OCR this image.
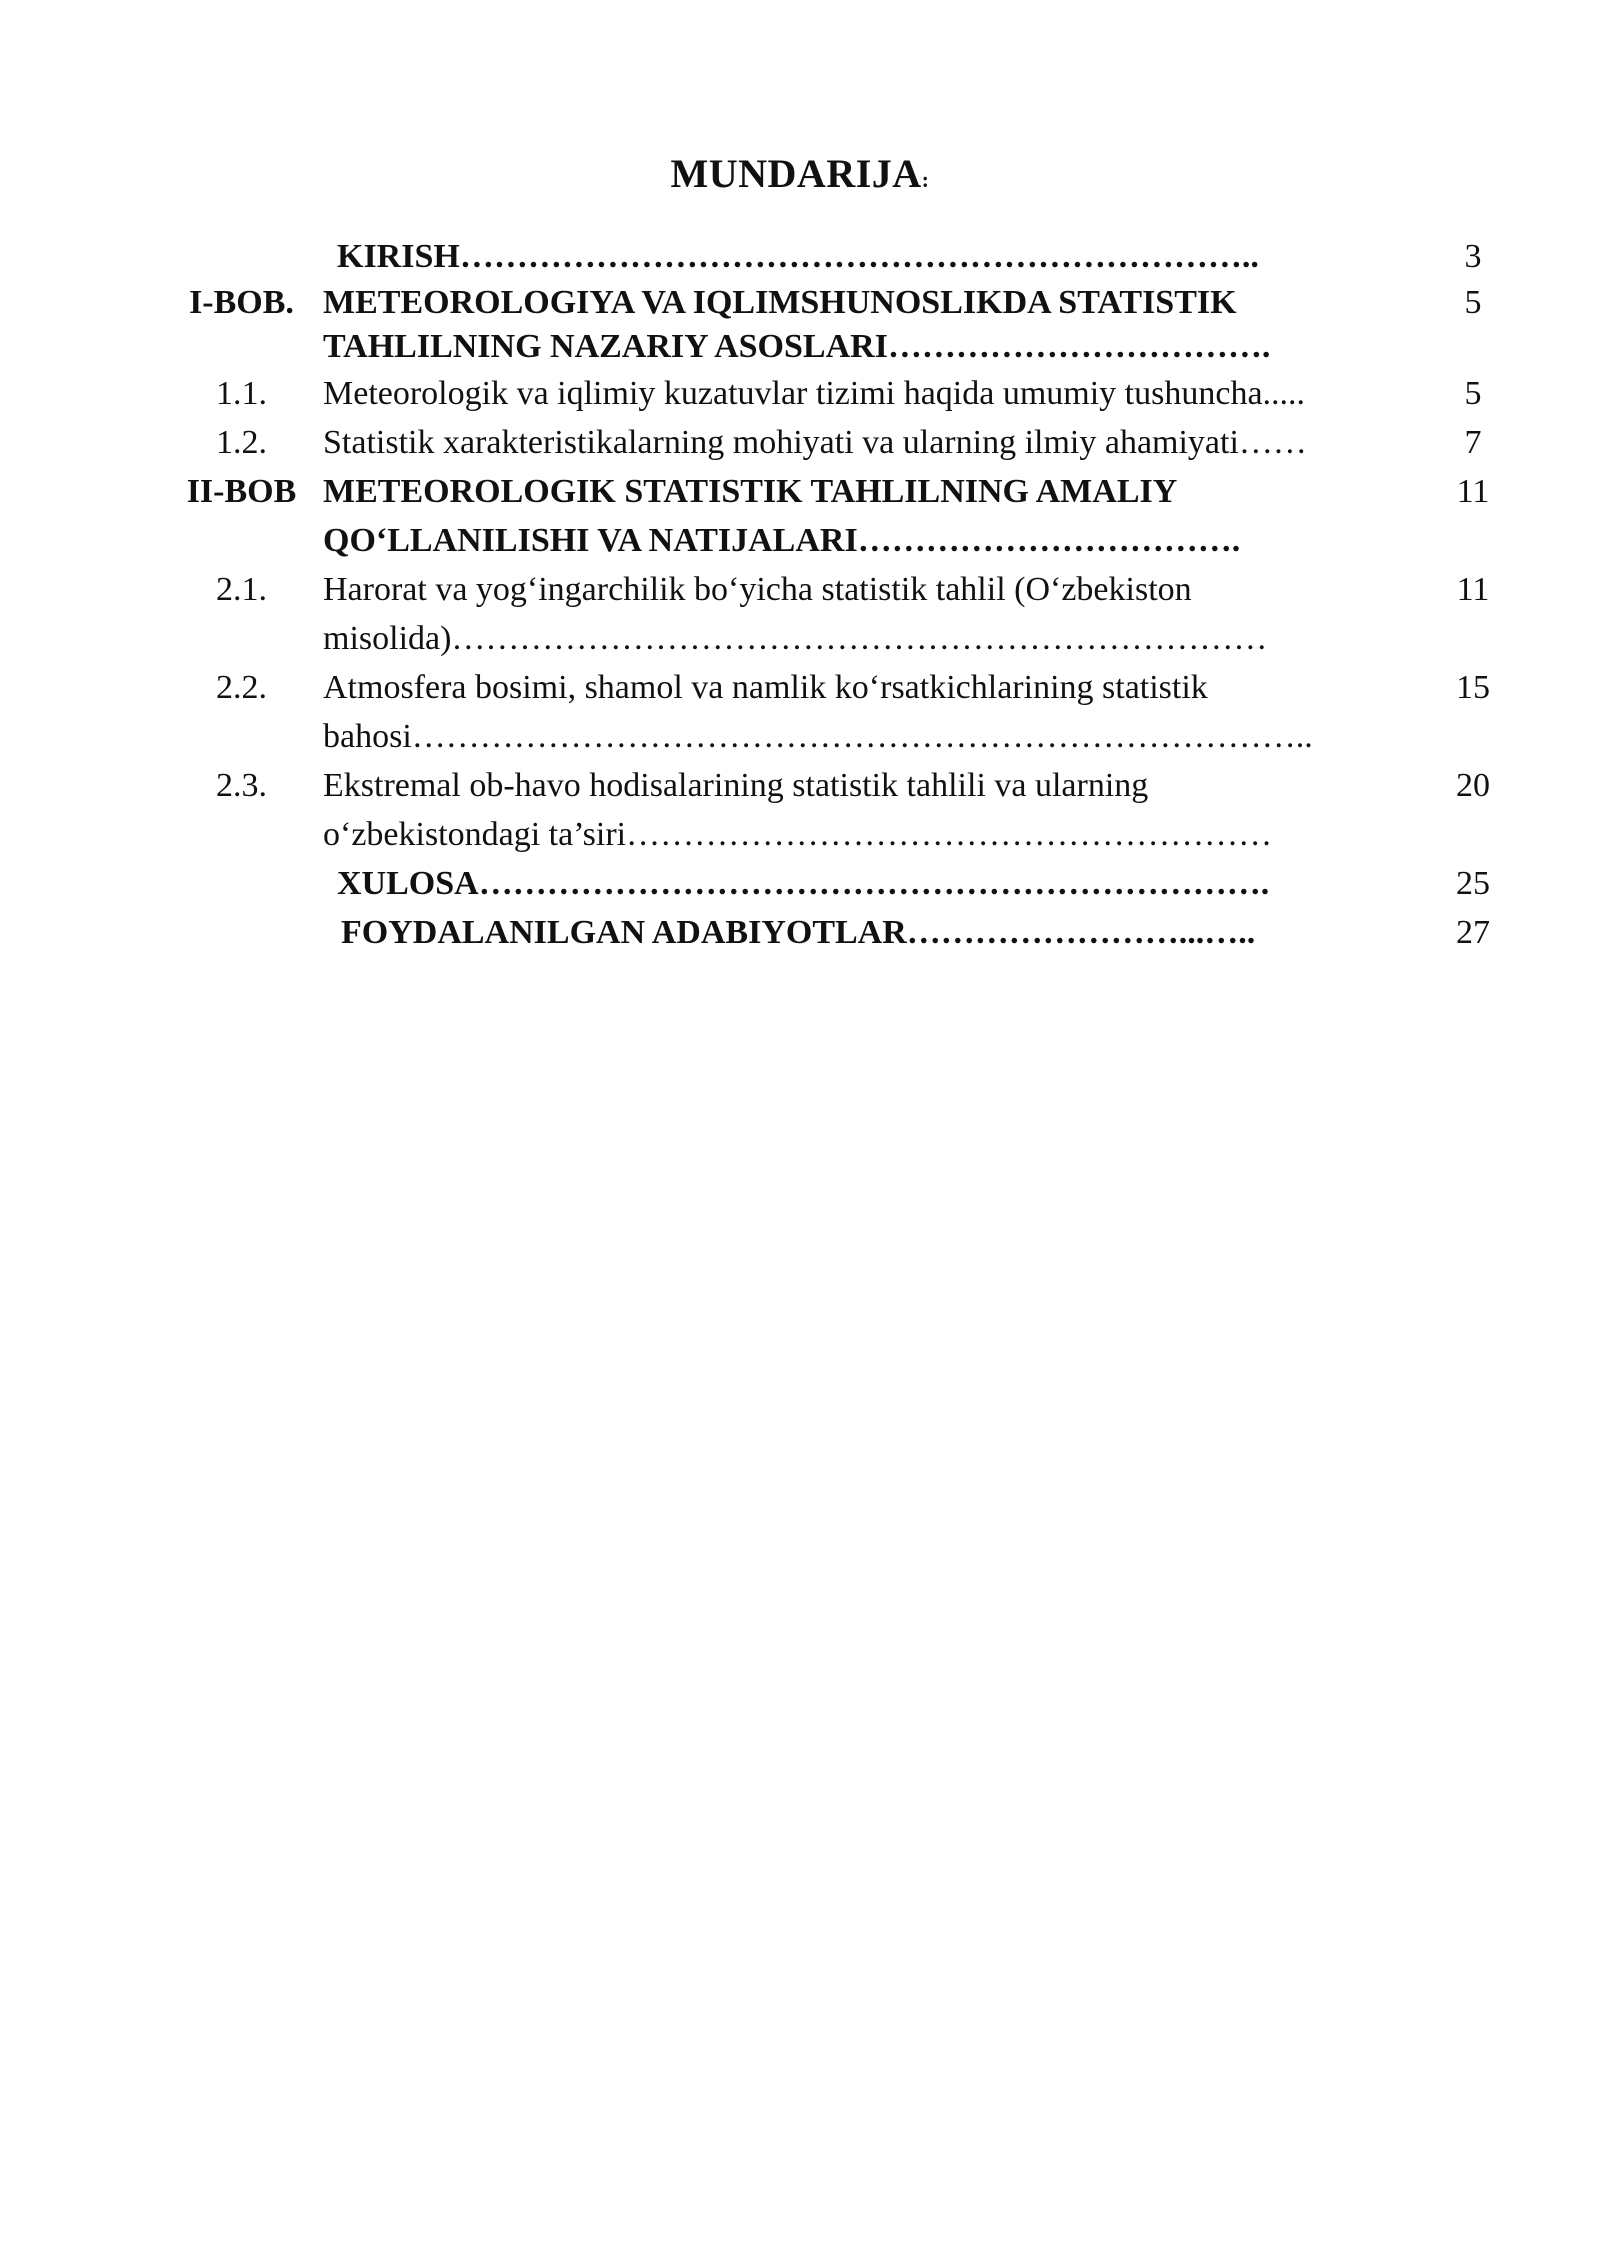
MUNDARIJA:

	KIRISH……………………………………………………………..	3
I-BOB.	METEOROLOGIYA VA IQLIMSHUNOSLIKDA STATISTIK
TAHLILNING NAZARIY ASOSLARI…………………………….	5
1.1.	Meteorologik va iqlimiy kuzatuvlar tizimi haqida umumiy tushuncha.....	5
1.2.	Statistik xarakteristikalarning mohiyati va ularning ilmiy ahamiyati……	7
II-BOB	METEOROLOGIK STATISTIK TAHLILNING AMALIY
QO‘LLANILISHI VA NATIJALARI…………………………….	11
2.1.	Harorat va yog‘ingarchilik bo‘yicha statistik tahlil (O‘zbekiston
misolida)………………………………………………………………	11
2.2.	Atmosfera bosimi, shamol va namlik ko‘rsatkichlarining statistik
bahosi……………………………………………………………………..	15
2.3.	Ekstremal ob-havo hodisalarining statistik tahlili va ularning
o‘zbekistondagi ta’siri…………………………………………………	20

	XULOSA…………………………………………………………….	25

	FOYDALANILGAN ADABIYOTLAR……………………...…..	27
